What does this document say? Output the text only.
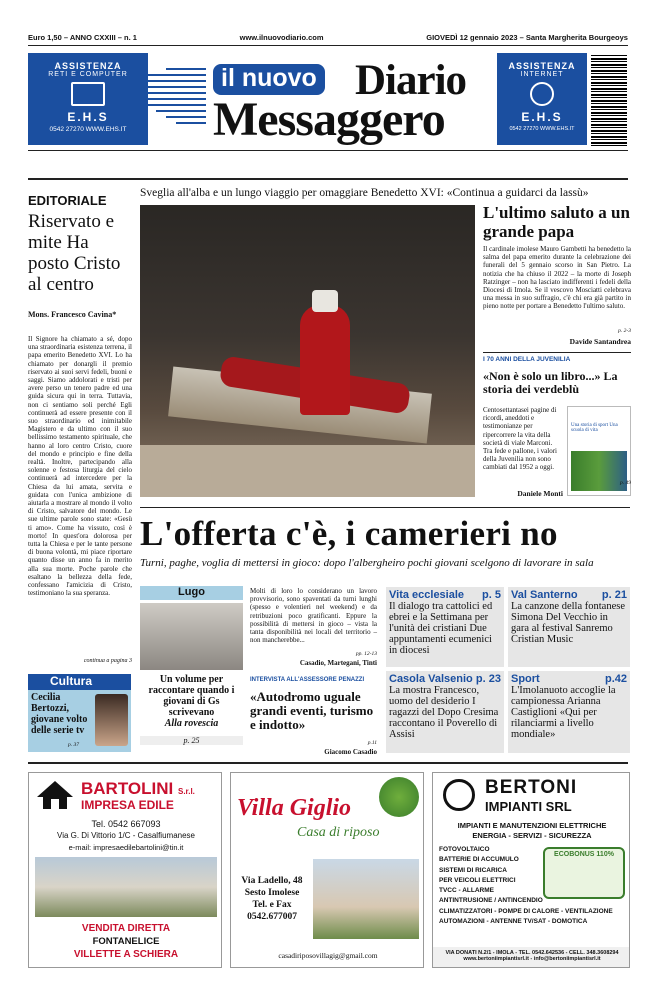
Euro 1,50 – ANNO CXXIII – n. 1	www.ilnuovodiario.com	GIOVEDÌ 12 gennaio 2023 – Santa Margherita Bourgeoys
ASSISTENZA
RETI E COMPUTER
E.H.S
0542 27270 WWW.EHS.IT
ASSISTENZA
INTERNET
E.H.S
0542 27270 WWW.EHS.IT
il nuovo Diario
Messaggero
EDITORIALE
Riservato e mite Ha posto Cristo al centro
Mons. Francesco Cavina*
Il Signore ha chiamato a sé, dopo una straordinaria esistenza terrena, il papa emerito Benedetto XVI. Lo ha chiamato per donargli il premio riservato ai suoi servi fedeli, buoni e saggi. Siamo addolorati e tristi per avere perso un tenero padre ed una guida sicura qui in terra. Tuttavia, non ci sentiamo soli perché Egli continuerà ad essere presente con il suo straordinario ed inimitabile Magistero e da ultimo con il suo bellissimo testamento spirituale, che hanno al loro centro Cristo, cuore del mondo e principio e fine della realtà. Inoltre, partecipando alla solenne e festosa liturgia del cielo continuerà ad intercedere per la Chiesa da lui amata, servita e guidata con l'unica ambizione di aiutarla a mostrare al mondo il volto di Cristo, salvatore del mondo. Le sue ultime parole sono state: «Gesù ti amo». Come ha vissuto, così è morto! In quest'ora dolorosa per tutta la Chiesa e per le tante persone di buona volontà, mi piace riportare quanto disse un anno fa in merito alla sua morte. Poche parole che esaltano la bellezza della fede, confessano l'amicizia di Cristo, testimoniano la sua speranza.
continua a pagina 3
Sveglia all'alba e un lungo viaggio per omaggiare Benedetto XVI: «Continua a guidarci da lassù»
L'ultimo saluto a un grande papa
Il cardinale imolese Mauro Gambetti ha benedetto la salma del papa emerito durante la celebrazione dei funerali del 5 gennaio scorso in San Pietro. La notizia che ha chiuso il 2022 – la morte di Joseph Ratzinger – non ha lasciato indifferenti i fedeli della Diocesi di Imola. Se il vescovo Mosciatti celebrava una messa in suo suffragio, c'è chi era già partito in pieno notte per portare a Benedetto l'ultimo saluto.
p. 2-3
Davide Santandrea
I 70 ANNI DELLA JUVENILIA
«Non è solo un libro...» La storia dei verdeblù
Centosettantasei pagine di ricordi, aneddoti e testimonianze per ripercorrere la vita della società di viale Marconi. Tra fede e pallone, i valori della Juvenilia non sono cambiati dal 1952 a oggi.
Una storia di sport Una scuola di vita
p. 49
Daniele Monti
L'offerta c'è, i camerieri no
Turni, paghe, voglia di mettersi in gioco: dopo l'albergheiro pochi giovani scelgono di lavorare in sala
Lugo
Un volume per raccontare quando i giovani di Gs scrivevano
Alla rovescia
p. 25
Molti di loro lo considerano un lavoro provvisorio, sono spaventati da turni lunghi (spesso e volentieri nel weekend) e da retribuzioni poco gratificanti. Eppure la possibilità di mettersi in gioco – vista la tanta disponibilità nei locali del territorio – non mancherebbe...
pp. 12-13
Casadio, Martegani, Tinti
INTERVISTA ALL'ASSESSORE PENAZZI
«Autodromo uguale grandi eventi, turismo e indotto»
p.11
Giacomo Casadio
Vita ecclesiale p. 5
Il dialogo tra cattolici ed ebrei e la Settimana per l'unità dei cristiani Due appuntamenti ecumenici in diocesi
Val Santerno p. 21
La canzone della fontanese Simona Del Vecchio in gara al festival Sanremo Cristian Music
Casola Valsenio p. 23
La mostra Francesco, uomo del desiderio I ragazzi del Dopo Cresima raccontano il Poverello di Assisi
Sport	p.42
L'Imolanuoto accoglie la campionessa Arianna Castiglioni «Qui per rilanciarmi a livello mondiale»
Cultura
Cecilia Bertozzi, giovane volto delle serie tv
p. 37
BARTOLINI S.r.l.
IMPRESA EDILE
Tel. 0542 667093
Via G. Di Vittorio 1/C - Casalfiumanese
e-mail: impresaedilebartolini@tin.it
VENDITA DIRETTA
FONTANELICE
VILLETTE A SCHIERA
Villa Giglio
Casa di riposo
Via Ladello, 48
Sesto Imolese
Tel. e Fax
0542.677007
casadiriposovillagig@gmail.com
BERTONI
IMPIANTI SRL
IMPIANTI E MANUTENZIONI ELETTRICHE
ENERGIA - SERVIZI - SICUREZZA
FOTOVOLTAICO
BATTERIE DI ACCUMULO
SISTEMI DI RICARICA
PER VEICOLI ELETTRICI
TVCC - ALLARME
ANTINTRUSIONE / ANTINCENDIO
CLIMATIZZATORI - POMPE DI CALORE - VENTILAZIONE
AUTOMAZIONI - ANTENNE TV/SAT - DOMOTICA
ECOBONUS 110%
VIA DONATI N.2/1 - IMOLA - TEL. 0542.642536 - CELL. 348.3608294
www.bertoniimpiantisrl.it - info@bertoniimpiantisrl.it
